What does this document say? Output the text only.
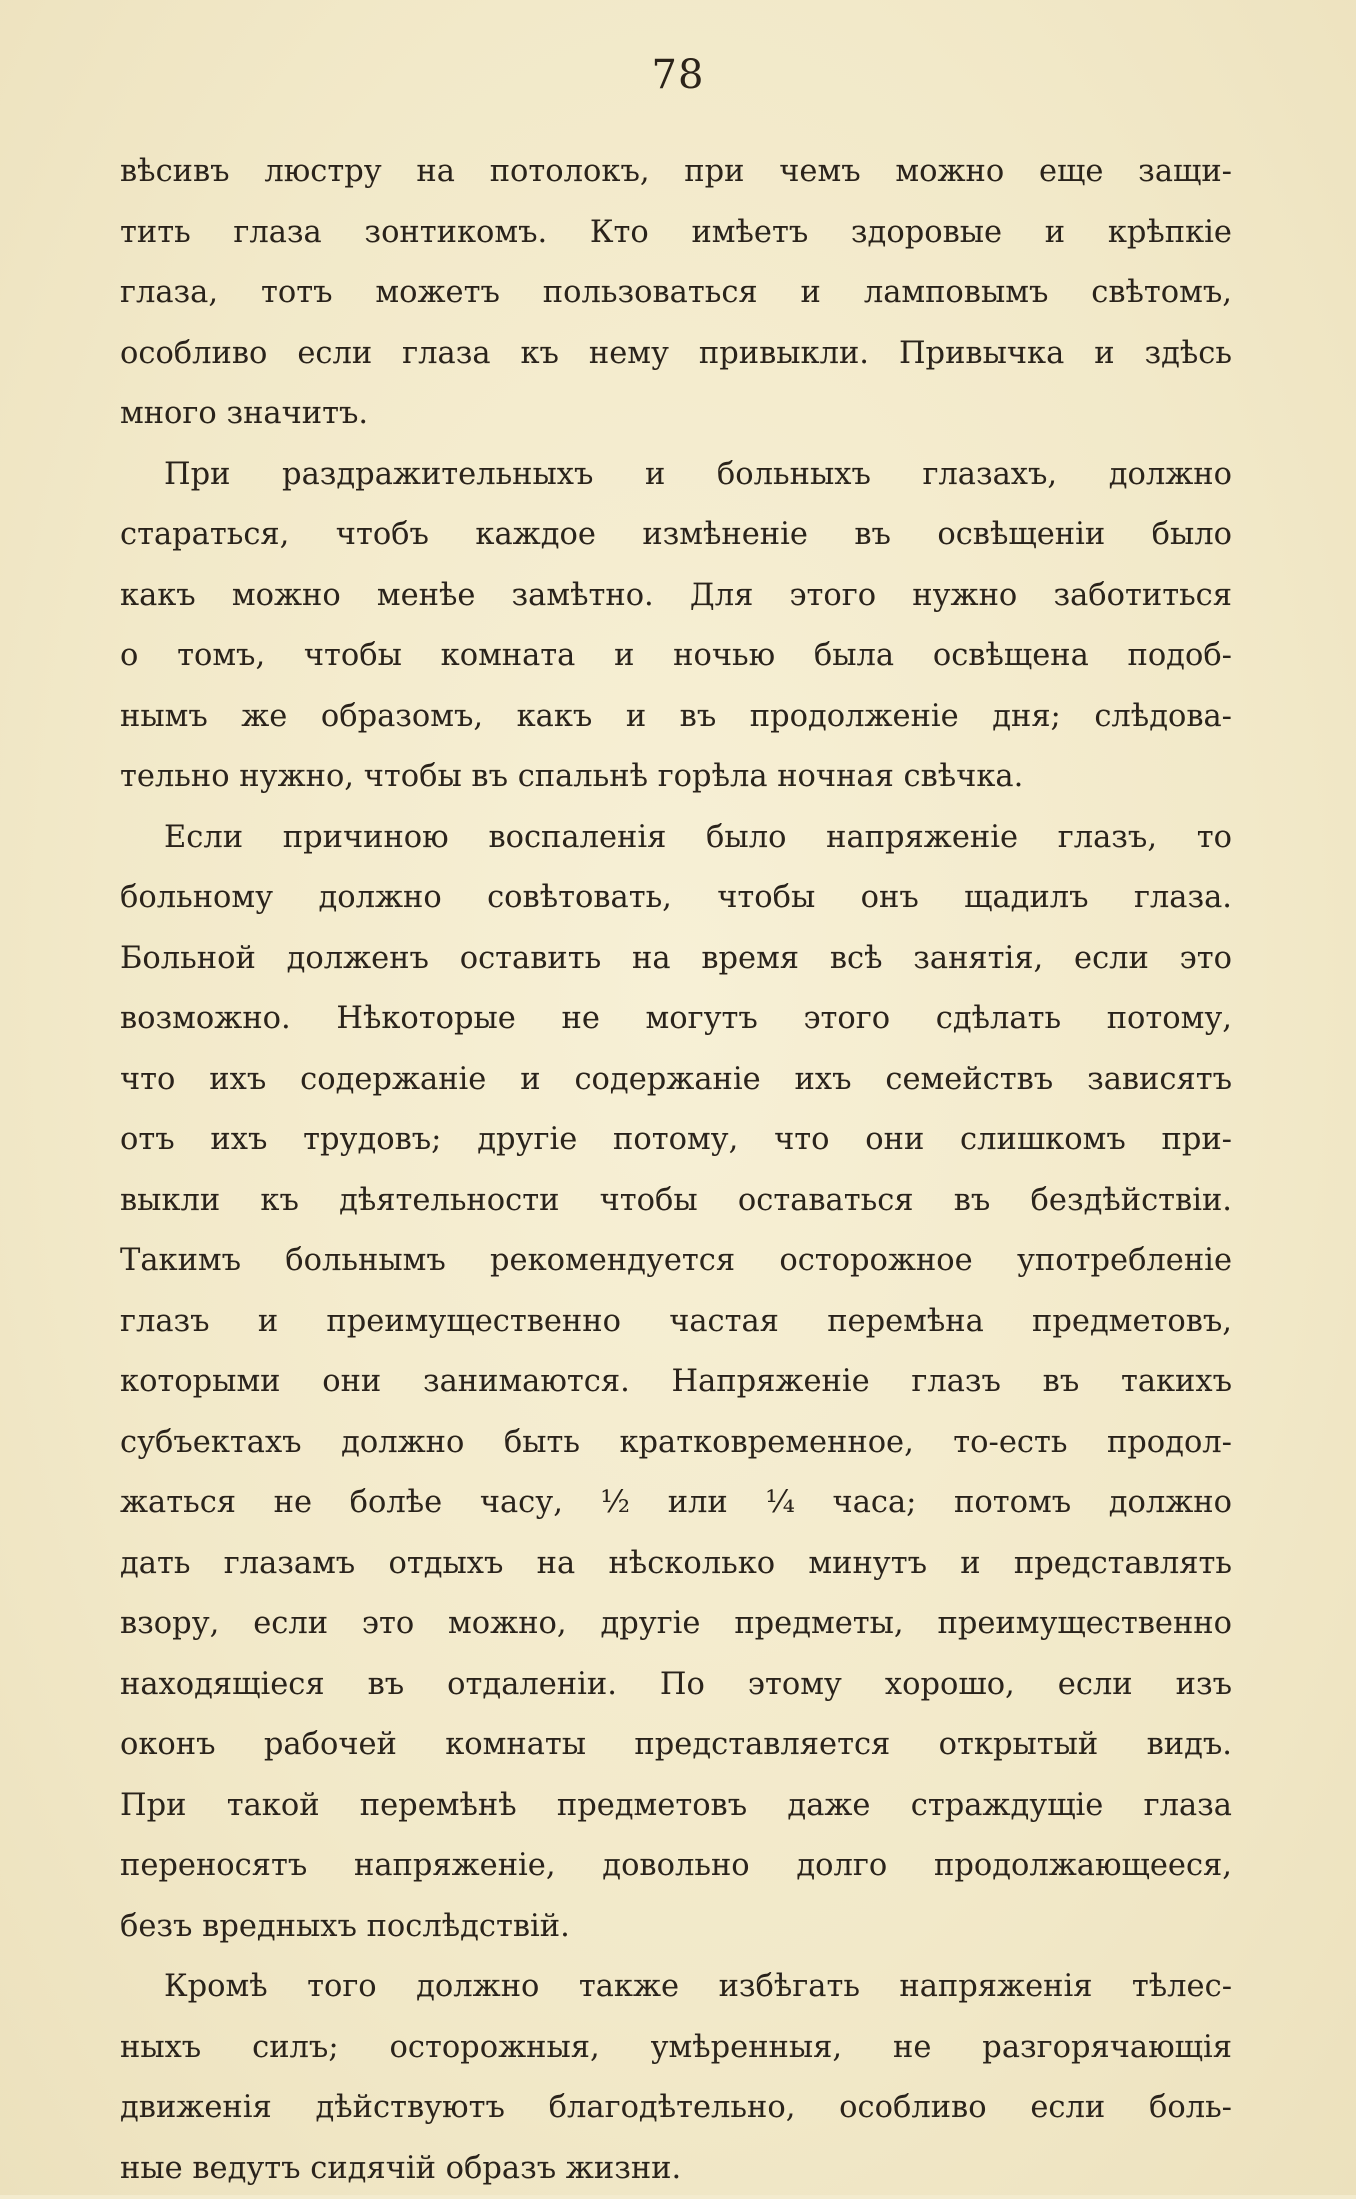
78
вѣсивъ люстру на потолокъ, при чемъ можно еще защи-
тить глаза зонтикомъ. Кто имѣетъ здоровые и крѣпкіе
глаза, тотъ можетъ пользоваться и ламповымъ свѣтомъ,
особливо если глаза къ нему привыкли. Привычка и здѣсь
много значитъ.
При раздражительныхъ и больныхъ глазахъ, должно
стараться, чтобъ каждое измѣненіе въ освѣщеніи было
какъ можно менѣе замѣтно. Для этого нужно заботиться
о томъ, чтобы комната и ночью была освѣщена подоб-
нымъ же образомъ, какъ и въ продолженіе дня; слѣдова-
тельно нужно, чтобы въ спальнѣ горѣла ночная свѣчка.
Если причиною воспаленія было напряженіе глазъ, то
больному должно совѣтовать, чтобы онъ щадилъ глаза.
Больной долженъ оставить на время всѣ занятія, если это
возможно. Нѣкоторые не могутъ этого сдѣлать потому,
что ихъ содержаніе и содержаніе ихъ семействъ зависятъ
отъ ихъ трудовъ; другіе потому, что они слишкомъ при-
выкли къ дѣятельности чтобы оставаться въ бездѣйствіи.
Такимъ больнымъ рекомендуется осторожное употребленіе
глазъ и преимущественно частая перемѣна предметовъ,
которыми они занимаются. Напряженіе глазъ въ такихъ
субъектахъ должно быть кратковременное, то-есть продол-
жаться не болѣе часу, ½ или ¼ часа; потомъ должно
дать глазамъ отдыхъ на нѣсколько минутъ и представлять
взору, если это можно, другіе предметы, преимущественно
находящіеся въ отдаленіи. По этому хорошо, если изъ
оконъ рабочей комнаты представляется открытый видъ.
При такой перемѣнѣ предметовъ даже страждущіе глаза
переносятъ напряженіе, довольно долго продолжающееся,
безъ вредныхъ послѣдствій.
Кромѣ того должно также избѣгать напряженія тѣлес-
ныхъ силъ; осторожныя, умѣренныя, не разгорячающія
движенія дѣйствуютъ благодѣтельно, особливо если боль-
ные ведутъ сидячій образъ жизни.
